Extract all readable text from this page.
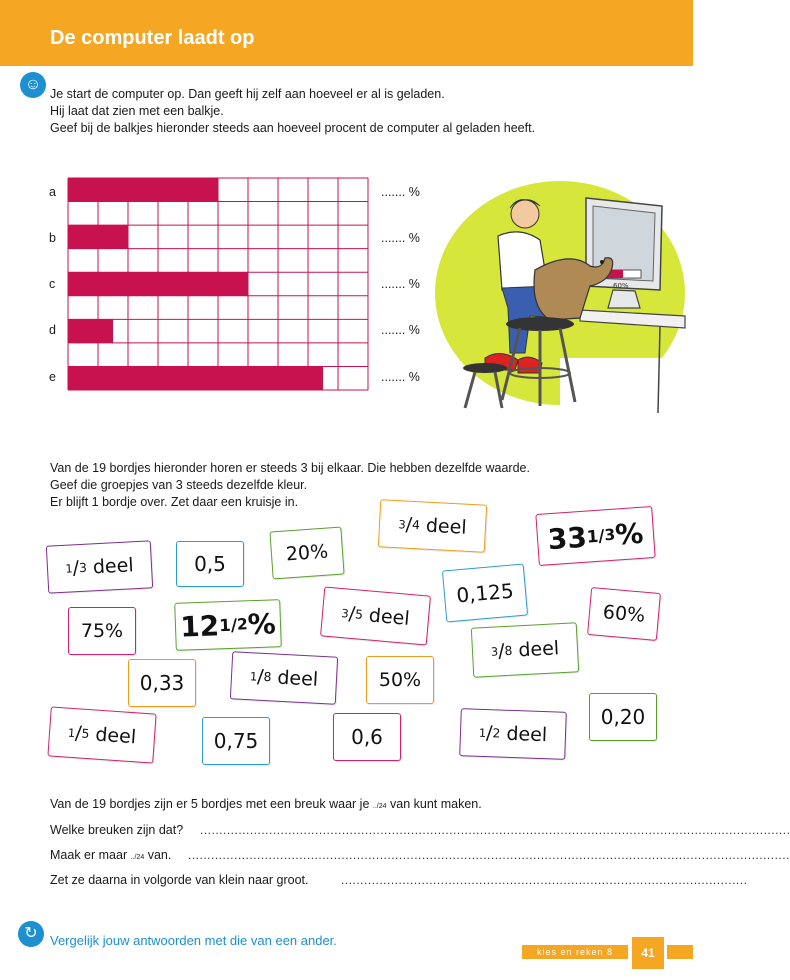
De computer laadt op
☺
Je start de computer op. Dan geeft hij zelf aan hoeveel er al is geladen.
Hij laat dat zien met een balkje.
Geef bij de balkjes hieronder steeds aan hoeveel procent de computer al geladen heeft.
a
b
c
d
e
....... %
....... %
....... %
....... %
....... %
60%
Van de 19 bordjes hieronder horen er steeds 3 bij elkaar. Die hebben dezelfde waarde.
Geef die groepjes van 3 steeds dezelfde kleur.
Er blijft 1 bordje over. Zet daar een kruisje in.
1 / 3
deel	0,5	20%
3 / 4
deel	33
1
/
3
%
0,125
60%
75% 12 1 / 2 %	3
/
5
deel
3 / 8
deel
0,33	1 / 8
deel	50%
1
/
5
deel	0,75	0,6	1 / 2
deel
0,20
Van de 19 bordjes zijn er 5 bordjes met een breuk waar je ../24 van kunt maken.
Welke breuken zijn dat? ..........................................................................................................................................................
Maak er maar ../24 van. .............................................................................................................................................................
Zet ze daarna in volgorde van klein naar groot.	..........................................................................................................
↻ Vergelijk jouw antwoorden met die van een ander.
kies en reken 8	41
